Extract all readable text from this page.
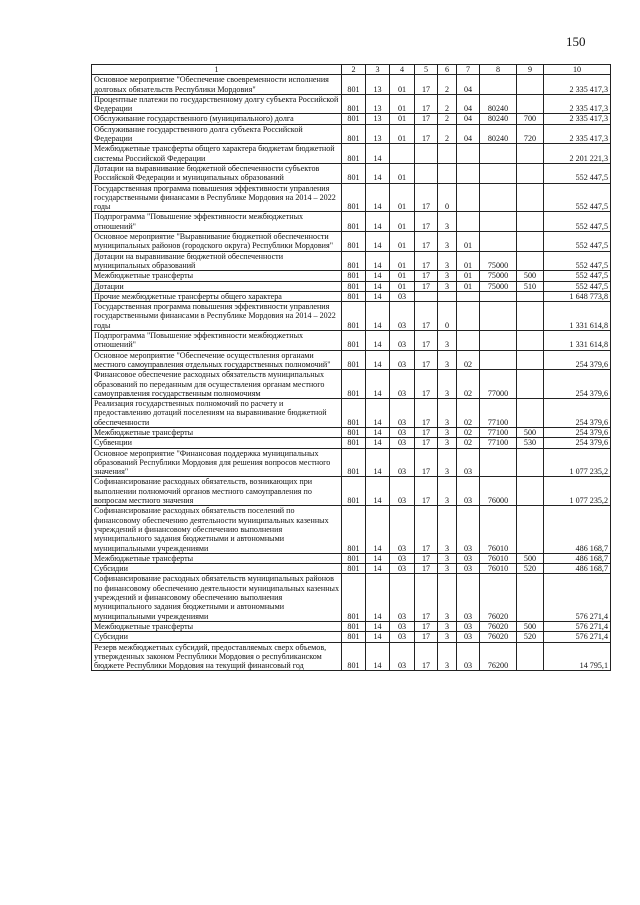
150
1	2	3	4	5	6	7	8	9	10
Основное мероприятие "Обеспечение своевременности исполнения долговых обязательств Республики Мордовия"	801	13	01	17	2	04			2 335 417,3
Процентные платежи по государственному долгу субъекта Российской Федерации	801	13	01	17	2	04	80240		2 335 417,3
Обслуживание государственного (муниципального) долга	801	13	01	17	2	04	80240	700	2 335 417,3
Обслуживание государственного долга субъекта Российской Федерации	801	13	01	17	2	04	80240	720	2 335 417,3
Межбюджетные трансферты общего характера бюджетам бюджетной системы Российской Федерации	801	14							2 201 221,3
Дотации на выравнивание бюджетной обеспеченности субъектов Российской Федерации и муниципальных образований	801	14	01						552 447,5
Государственная программа повышения эффективности управления государственными финансами в Республике Мордовия на 2014 – 2022 годы	801	14	01	17	0				552 447,5
Подпрограмма "Повышение эффективности межбюджетных отношений"	801	14	01	17	3				552 447,5
Основное мероприятие "Выравнивание бюджетной обеспеченности муниципальных районов (городского округа) Республики Мордовия"	801	14	01	17	3	01			552 447,5
Дотации на выравнивание бюджетной обеспеченности муниципальных образований	801	14	01	17	3	01	75000		552 447,5
Межбюджетные трансферты	801	14	01	17	3	01	75000	500	552 447,5
Дотации	801	14	01	17	3	01	75000	510	552 447,5
Прочие межбюджетные трансферты общего характера	801	14	03						1 648 773,8
Государственная программа повышения эффективности управления государственными финансами в Республике Мордовия на 2014 – 2022 годы	801	14	03	17	0				1 331 614,8
Подпрограмма "Повышение эффективности межбюджетных отношений"	801	14	03	17	3				1 331 614,8
Основное мероприятие "Обеспечение осуществления органами местного самоуправления отдельных государственных полномочий"	801	14	03	17	3	02			254 379,6
Финансовое обеспечение расходных обязательств муниципальных образований по переданным для осуществления органам местного самоуправления государственным полномочиям	801	14	03	17	3	02	77000		254 379,6
Реализация государственных полномочий по расчету и предоставлению дотаций поселениям на выравнивание бюджетной обеспеченности	801	14	03	17	3	02	77100		254 379,6
Межбюджетные трансферты	801	14	03	17	3	02	77100	500	254 379,6
Субвенции	801	14	03	17	3	02	77100	530	254 379,6
Основное мероприятие "Финансовая поддержка муниципальных образований Республики Мордовия для решения вопросов местного значения"	801	14	03	17	3	03			1 077 235,2
Софинансирование расходных обязательств, возникающих при выполнении полномочий органов местного самоуправления по вопросам местного значения	801	14	03	17	3	03	76000		1 077 235,2
Софинансирование расходных обязательств поселений по финансовому обеспечению деятельности муниципальных казенных учреждений и финансовому обеспечению выполнения муниципального задания бюджетными и автономными муниципальными учреждениями	801	14	03	17	3	03	76010		486 168,7
Межбюджетные трансферты	801	14	03	17	3	03	76010	500	486 168,7
Субсидии	801	14	03	17	3	03	76010	520	486 168,7
Софинансирование расходных обязательств муниципальных районов по финансовому обеспечению деятельности муниципальных казенных учреждений и финансовому обеспечению выполнения муниципального задания бюджетными и автономными муниципальными учреждениями	801	14	03	17	3	03	76020		576 271,4
Межбюджетные трансферты	801	14	03	17	3	03	76020	500	576 271,4
Субсидии	801	14	03	17	3	03	76020	520	576 271,4
Резерв межбюджетных субсидий, предоставляемых сверх объемов, утвержденных законом Республики Мордовия о республиканском бюджете Республики Мордовия на текущий финансовый год	801	14	03	17	3	03	76200		14 795,1
